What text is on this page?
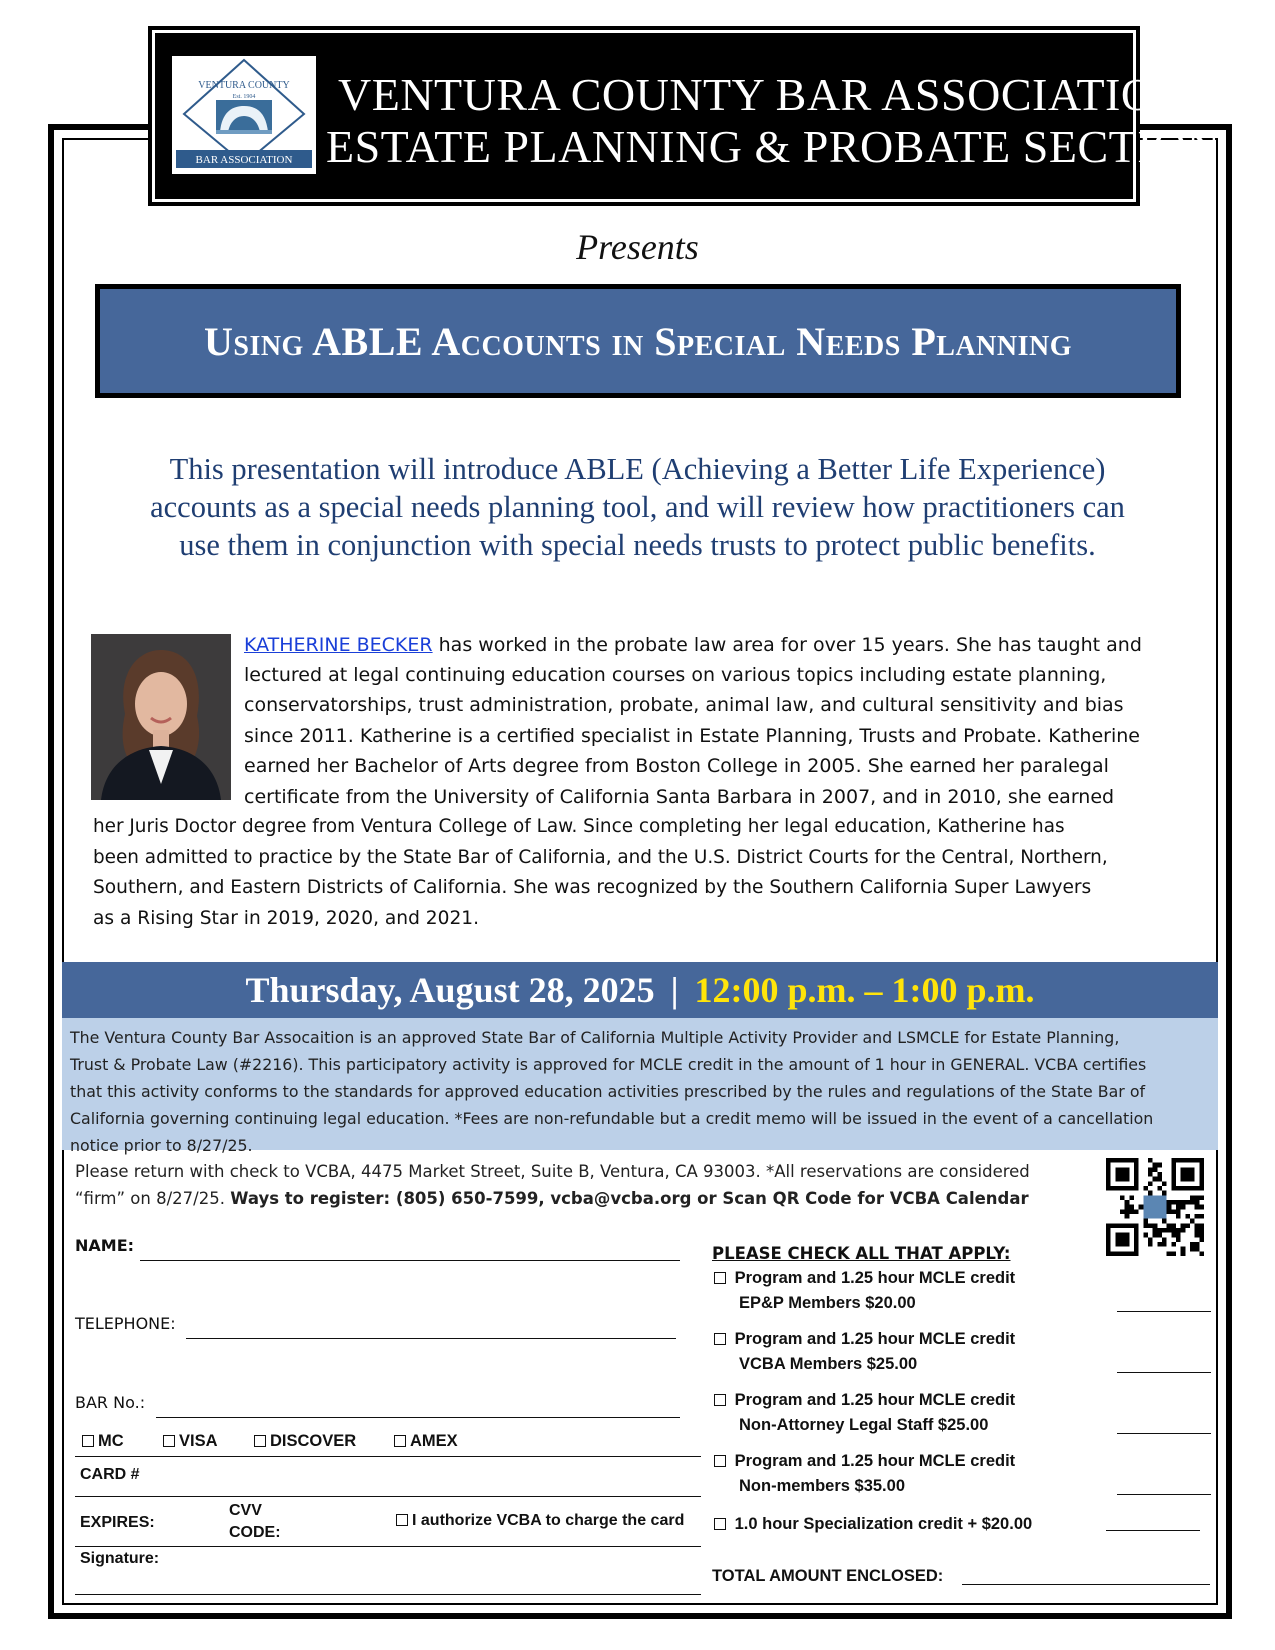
BAR ASSOCIATION
VENTURA COUNTY
Est. 1904 VENTURA COUNTY BAR ASSOCIATION
ESTATE PLANNING & PROBATE SECTION
Presents
Using ABLE Accounts in Special Needs Planning
This presentation will introduce ABLE (Achieving a Better Life Experience)
accounts as a special needs planning tool, and will review how practitioners can
use them in conjunction with special needs trusts to protect public benefits.
KATHERINE BECKER has worked in the probate law area for over 15 years. She has taught and
lectured at legal continuing education courses on various topics including estate planning,
conservatorships, trust administration, probate, animal law, and cultural sensitivity and bias
since 2011. Katherine is a certified specialist in Estate Planning, Trusts and Probate. Katherine
earned her Bachelor of Arts degree from Boston College in 2005. She earned her paralegal
certificate from the University of California Santa Barbara in 2007, and in 2010, she earned
her Juris Doctor degree from Ventura College of Law. Since completing her legal education, Katherine has
been admitted to practice by the State Bar of California, and the U.S. District Courts for the Central, Northern,
Southern, and Eastern Districts of California. She was recognized by the Southern California Super Lawyers
as a Rising Star in 2019, 2020, and 2021.
Thursday, August 28, 2025 | 12:00 p.m. – 1:00 p.m.
The Ventura County Bar Assocaition is an approved State Bar of California Multiple Activity Provider and LSMCLE for Estate Planning,
Trust & Probate Law (#2216). This participatory activity is approved for MCLE credit in the amount of 1 hour in GENERAL. VCBA certifies
that this activity conforms to the standards for approved education activities prescribed by the rules and regulations of the State Bar of
California governing continuing legal education. *Fees are non-refundable but a credit memo will be issued in the event of a cancellation
notice prior to 8/27/25.
Please return with check to VCBA, 4475 Market Street, Suite B, Ventura, CA 93003. *All reservations are considered
“firm” on 8/27/25. Ways to register: (805) 650-7599, vcba@vcba.org or Scan QR Code for VCBA Calendar
NAME:
TELEPHONE:
BAR No.:
MC	VISA	DISCOVER	AMEX
CARD #
EXPIRES:
CVV
CODE:
I authorize VCBA to charge the card
Signature:
PLEASE CHECK ALL THAT APPLY:
Program and 1.25 hour MCLE credit
EP&P Members $20.00
Program and 1.25 hour MCLE credit
VCBA Members $25.00
Program and 1.25 hour MCLE credit
Non-Attorney Legal Staff $25.00
Program and 1.25 hour MCLE credit
Non-members $35.00
1.0 hour Specialization credit + $20.00
TOTAL AMOUNT ENCLOSED:
